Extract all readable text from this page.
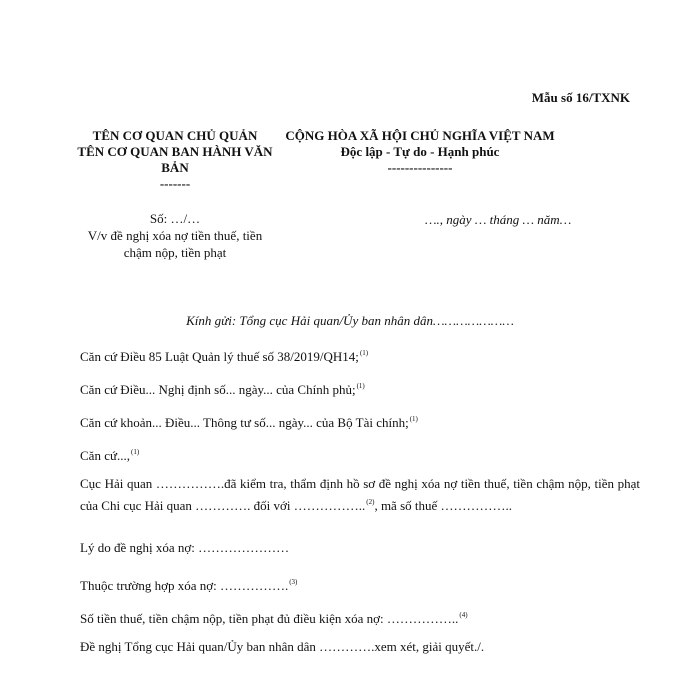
Mẫu số 16/TXNK
TÊN CƠ QUAN CHỦ QUẢN
TÊN CƠ QUAN BAN HÀNH VĂN BẢN
-------
CỘNG HÒA XÃ HỘI CHỦ NGHĨA VIỆT NAM
Độc lập - Tự do - Hạnh phúc
---------------
Số: …/…
V/v đề nghị xóa nợ tiền thuế, tiền chậm nộp, tiền phạt
…., ngày … tháng … năm…
Kính gửi: Tổng cục Hải quan/Ủy ban nhân dân…………………
Căn cứ Điều 85 Luật Quản lý thuế số 38/2019/QH14;$^{(1)}$
Căn cứ Điều... Nghị định số... ngày... của Chính phủ;$^{(1)}$
Căn cứ khoản... Điều... Thông tư số... ngày... của Bộ Tài chính;$^{(1)}$
Căn cứ...,$^{(1)}$
Cục Hải quan …………….đã kiểm tra, thẩm định hồ sơ đề nghị xóa nợ tiền thuế, tiền chậm nộp, tiền phạt của Chi cục Hải quan …………. đối với ……………..$^{(2)}$, mã số thuế ……………..
Lý do đề nghị xóa nợ: …………………
Thuộc trường hợp xóa nợ: …………….$^{(3)}$
Số tiền thuế, tiền chậm nộp, tiền phạt đủ điều kiện xóa nợ: ……………..$^{(4)}$
Đề nghị Tổng cục Hải quan/Ủy ban nhân dân ………….xem xét, giải quyết./.
